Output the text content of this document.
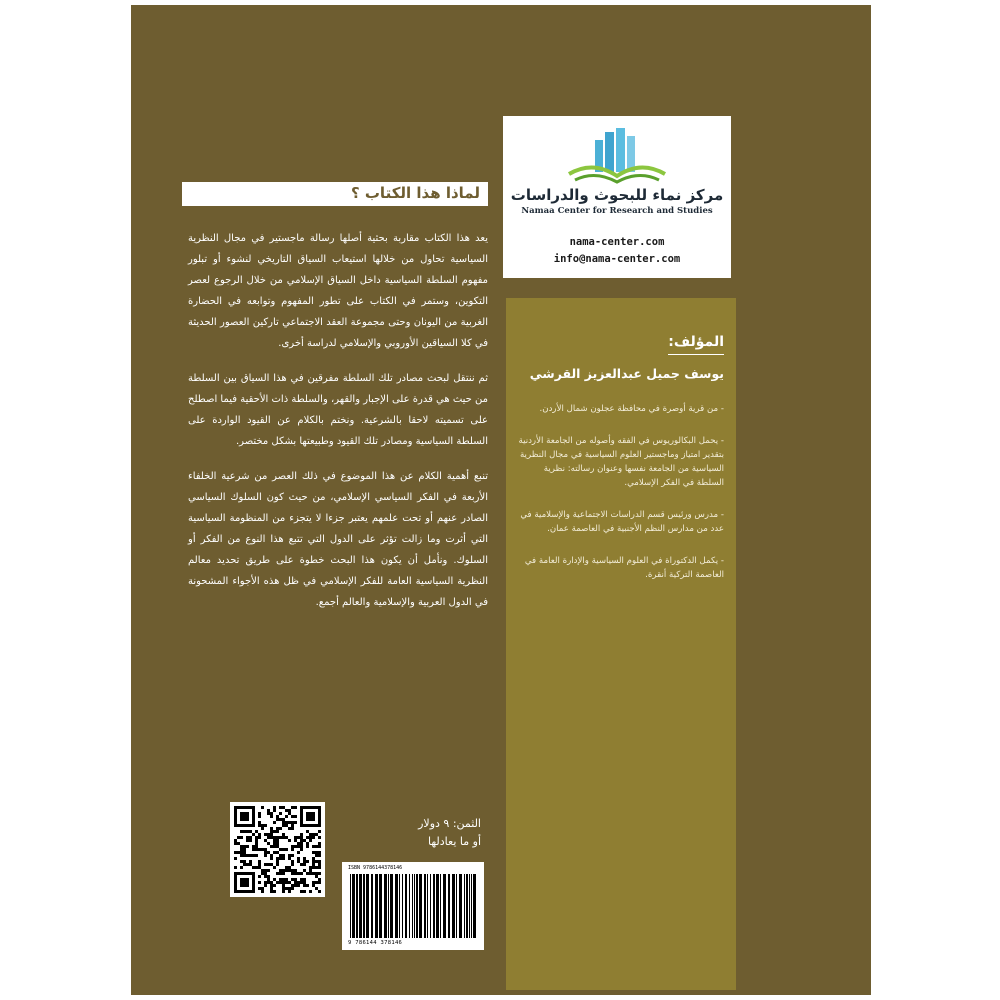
مركز نماء للبحوث والدراسات
Namaa Center for Research and Studies
nama-center.com
info@nama-center.com
لماذا هذا الكتاب ؟

يعد هذا الكتاب مقاربة بحثية أصلها رسالة ماجستير في مجال النظرية السياسية تحاول من خلالها استيعاب السياق التاريخي لنشوء أو تبلور مفهوم السلطة السياسية داخل السياق الإسلامي من خلال الرجوع لعصر التكوين، وستمر في الكتاب على تطور المفهوم وتوابعه في الحضارة الغربية من اليونان وحتى مجموعة العقد الاجتماعي تاركين العصور الحديثة في كلا السياقين الأوروبي والإسلامي لدراسة أخرى.

ثم ننتقل لبحث مصادر تلك السلطة مفرقين في هذا السياق بين السلطة من حيث هي قدرة على الإجبار والقهر، والسلطة ذات الأحقية فيما اصطلح على تسميته لاحقا بالشرعية. ونختم بالكلام عن القيود الواردة على السلطة السياسية ومصادر تلك القيود وطبيعتها بشكل مختصر.

تنبع أهمية الكلام عن هذا الموضوع في ذلك العصر من شرعية الخلفاء الأربعة في الفكر السياسي الإسلامي، من حيث كون السلوك السياسي الصادر عنهم أو تحت علمهم يعتبر جزءا لا يتجزء من المنظومة السياسية التي أثرت وما زالت تؤثر على الدول التي تتبع هذا النوع من الفكر أو السلوك. ونأمل أن يكون هذا البحث خطوة على طريق تحديد معالم النظرية السياسية العامة للفكر الإسلامي في ظل هذه الأجواء المشحونة في الدول العربية والإسلامية والعالم أجمع.

المؤلف:
يوسف جميل عبدالعزيز القرشي
- من قرية أوصرة في محافظة عجلون شمال الأردن.
- يحمل البكالوريوس في الفقه وأصوله من الجامعة الأردنية بتقدير امتياز وماجستير العلوم السياسية في مجال النظرية السياسية من الجامعة نفسها وعنوان رسالته: نظرية السلطة في الفكر الإسلامي.
- مدرس ورئيس قسم الدراسات الاجتماعية والإسلامية في عدد من مدارس النظم الأجنبية في العاصمة عمان.
- يكمل الدكتوراة في العلوم السياسية والإدارة العامة في العاصمة التركية أنقرة.
الثمن: ٩ دولار
أو ما يعادلها
ISBN 9786144378146
9 786144 378146
